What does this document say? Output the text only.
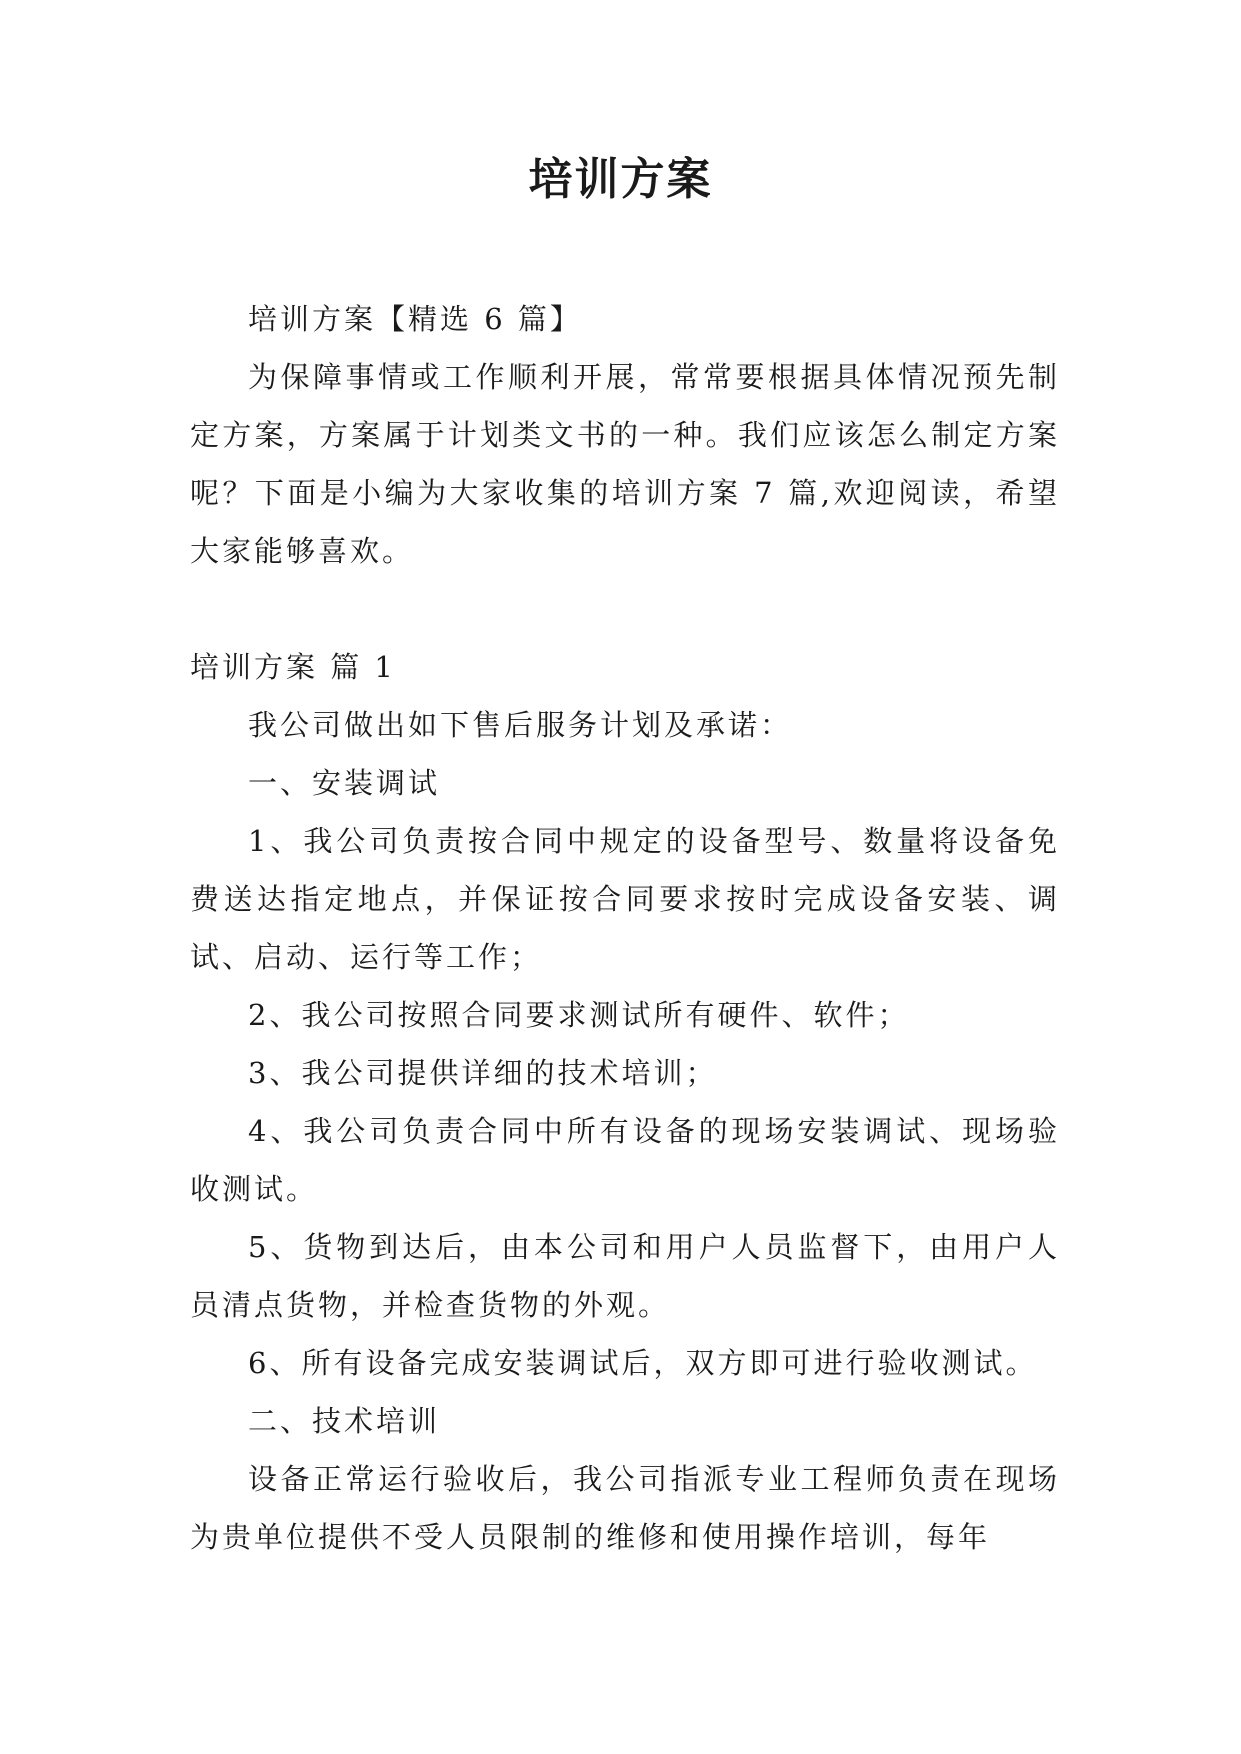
培训方案

培训方案【精选 6 篇】

为保障事情或工作顺利开展，常常要根据具体情况预先制定方案，方案属于计划类文书的一种。我们应该怎么制定方案呢？下面是小编为大家收集的培训方案 7 篇,欢迎阅读，希望大家能够喜欢。

培训方案 篇 1

我公司做出如下售后服务计划及承诺：

一、安装调试

1、我公司负责按合同中规定的设备型号、数量将设备免费送达指定地点，并保证按合同要求按时完成设备安装、调试、启动、运行等工作；

2、我公司按照合同要求测试所有硬件、软件；

3、我公司提供详细的技术培训；

4、我公司负责合同中所有设备的现场安装调试、现场验收测试。

5、货物到达后，由本公司和用户人员监督下，由用户人员清点货物，并检查货物的外观。

6、所有设备完成安装调试后，双方即可进行验收测试。

二、技术培训

设备正常运行验收后，我公司指派专业工程师负责在现场为贵单位提供不受人员限制的维修和使用操作培训，每年
